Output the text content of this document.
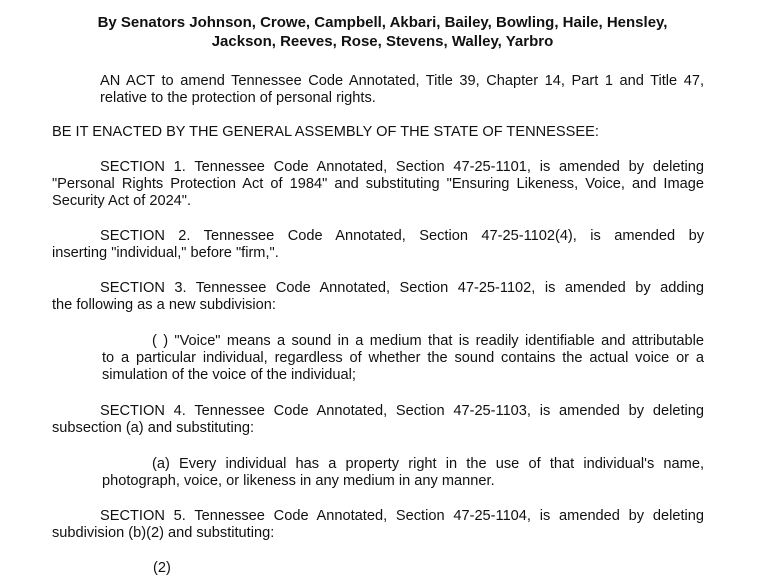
By Senators Johnson, Crowe, Campbell, Akbari, Bailey, Bowling, Haile, Hensley,
Jackson, Reeves, Rose, Stevens, Walley, Yarbro
AN ACT to amend Tennessee Code Annotated, Title 39, Chapter 14, Part 1 and Title 47,
relative to the protection of personal rights.
BE IT ENACTED BY THE GENERAL ASSEMBLY OF THE STATE OF TENNESSEE:
SECTION 1. Tennessee Code Annotated, Section 47-25-1101, is amended by deleting
"Personal Rights Protection Act of 1984" and substituting "Ensuring Likeness, Voice, and Image
Security Act of 2024".
SECTION 2. Tennessee Code Annotated, Section 47-25-1102(4), is amended by
inserting "individual," before "firm,".
SECTION 3. Tennessee Code Annotated, Section 47-25-1102, is amended by adding
the following as a new subdivision:
( ) "Voice" means a sound in a medium that is readily identifiable and attributable
to a particular individual, regardless of whether the sound contains the actual voice or a
simulation of the voice of the individual;
SECTION 4. Tennessee Code Annotated, Section 47-25-1103, is amended by deleting
subsection (a) and substituting:
(a) Every individual has a property right in the use of that individual's name,
photograph, voice, or likeness in any medium in any manner.
SECTION 5. Tennessee Code Annotated, Section 47-25-1104, is amended by deleting
subdivision (b)(2) and substituting:
(2)
